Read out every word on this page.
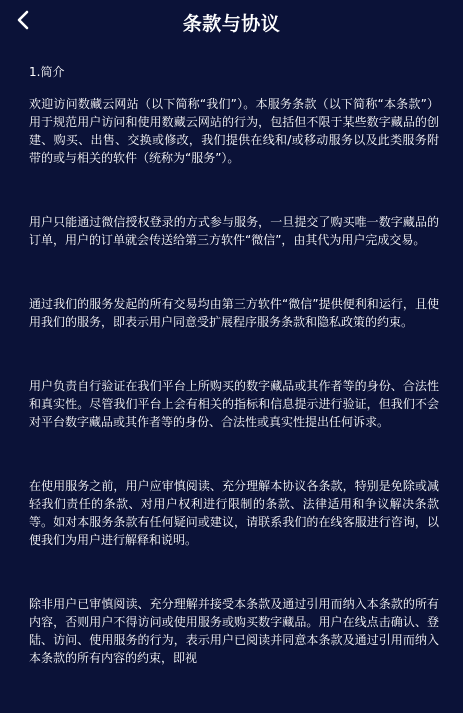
条款与协议
1.简介

欢迎访问数藏云网站（以下简称“我们”）。本服务条款（以下简称“本条款”）用于规范用户访问和使用数藏云网站的行为，包括但不限于某些数字藏品的创建、购买、出售、交换或修改，我们提供在线和/或移动服务以及此类服务附带的或与相关的软件（统称为“服务”）。

用户只能通过微信授权登录的方式参与服务，一旦提交了购买唯一数字藏品的订单，用户的订单就会传送给第三方软件“微信”，由其代为用户完成交易。

通过我们的服务发起的所有交易均由第三方软件“微信”提供便利和运行，且使用我们的服务，即表示用户同意受扩展程序服务条款和隐私政策的约束。

用户负责自行验证在我们平台上所购买的数字藏品或其作者等的身份、合法性和真实性。尽管我们平台上会有相关的指标和信息提示进行验证，但我们不会对平台数字藏品或其作者等的身份、合法性或真实性提出任何诉求。

在使用服务之前，用户应审慎阅读、充分理解本协议各条款，特别是免除或减轻我们责任的条款、对用户权利进行限制的条款、法律适用和争议解决条款等。如对本服务条款有任何疑问或建议，请联系我们的在线客服进行咨询，以便我们为用户进行解释和说明。

除非用户已审慎阅读、充分理解并接受本条款及通过引用而纳入本条款的所有内容，否则用户不得访问或使用服务或购买数字藏品。用户在线点击确认、登陆、访问、使用服务的行为，表示用户已阅读并同意本条款及通过引用而纳入本条款的所有内容的约束，即视
